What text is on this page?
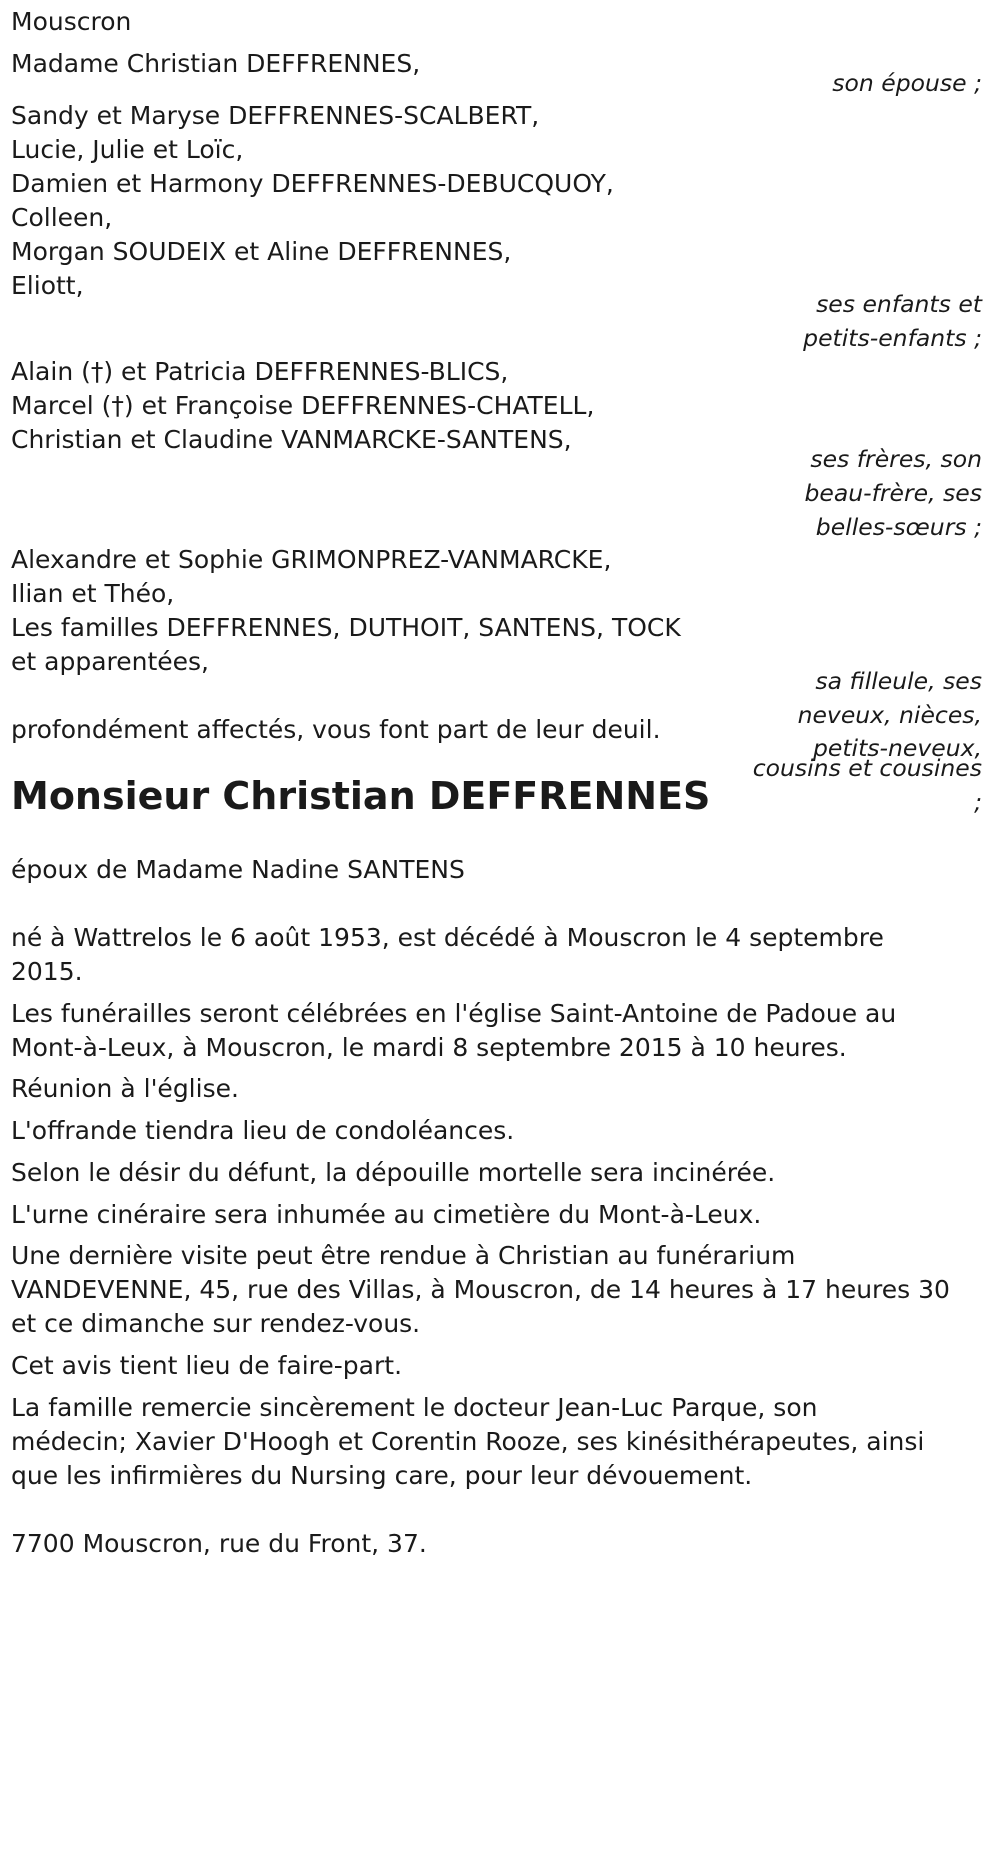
Mouscron
Madame Christian DEFFRENNES,
son épouse ;
Sandy et Maryse DEFFRENNES-SCALBERT,
Lucie, Julie et Loïc,
Damien et Harmony DEFFRENNES-DEBUCQUOY,
Colleen,
Morgan SOUDEIX et Aline DEFFRENNES,
Eliott,
ses enfants et
petits-enfants ;
Alain (†) et Patricia DEFFRENNES-BLICS,
Marcel (†) et Françoise DEFFRENNES-CHATELL,
Christian et Claudine VANMARCKE-SANTENS,
ses frères, son
beau-frère, ses
belles-sœurs ;
Alexandre et Sophie GRIMONPREZ-VANMARCKE,
Ilian et Théo,
Les familles DEFFRENNES, DUTHOIT, SANTENS, TOCK
et apparentées,
sa filleule, ses
neveux, nièces,
petits-neveux,
cousins et cousines
;
profondément affectés, vous font part de leur deuil.
Monsieur Christian DEFFRENNES
époux de Madame Nadine SANTENS
né à Wattrelos le 6 août 1953, est décédé à Mouscron le 4 septembre
2015.
Les funérailles seront célébrées en l'église Saint-Antoine de Padoue au
Mont-à-Leux, à Mouscron, le mardi 8 septembre 2015 à 10 heures.
Réunion à l'église.
L'offrande tiendra lieu de condoléances.
Selon le désir du défunt, la dépouille mortelle sera incinérée.
L'urne cinéraire sera inhumée au cimetière du Mont-à-Leux.
Une dernière visite peut être rendue à Christian au funérarium
VANDEVENNE, 45, rue des Villas, à Mouscron, de 14 heures à 17 heures 30
et ce dimanche sur rendez-vous.
Cet avis tient lieu de faire-part.
La famille remercie sincèrement le docteur Jean-Luc Parque, son
médecin; Xavier D'Hoogh et Corentin Rooze, ses kinésithérapeutes, ainsi
que les infirmières du Nursing care, pour leur dévouement.
7700 Mouscron, rue du Front, 37.
